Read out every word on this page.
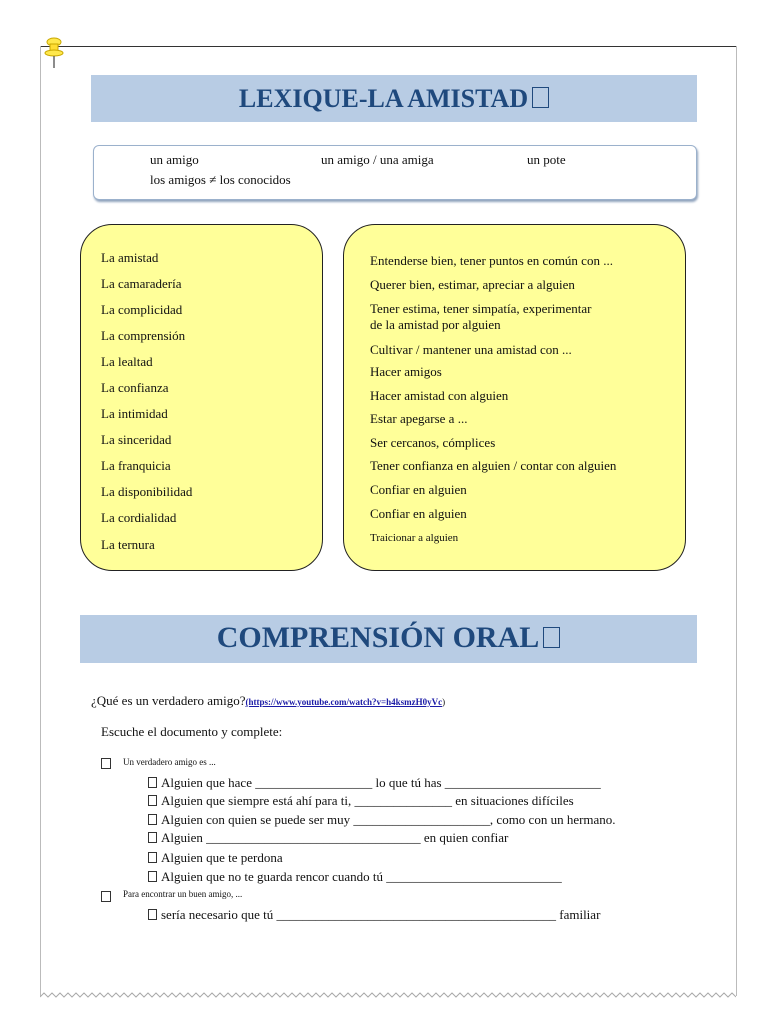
LEXIQUE-LA AMISTAD
un amigo	un amigo / una amiga	un pote
los amigos ≠ los conocidos
La amistad
La camaradería
La complicidad
La comprensión
La lealtad
La confianza
La intimidad
La sinceridad
La franquicia
La disponibilidad
La cordialidad
La ternura
Entenderse bien, tener puntos en común con ...
Querer bien, estimar, apreciar a alguien
Tener estima, tener simpatía, experimentar
de la amistad por alguien
Cultivar / mantener una amistad con ...
Hacer amigos
Hacer amistad con alguien
Estar apegarse a ...
Ser cercanos, cómplices
Tener confianza en alguien / contar con alguien
Confiar en alguien
Confiar en alguien
Traicionar a alguien
COMPRENSIÓN ORAL
¿Qué es un verdadero amigo?(https://www.youtube.com/watch?v=h4ksmzH0yVc)
Escuche el documento y complete:
Un verdadero amigo es ...
Alguien que hace __________________ lo que tú has ________________________
Alguien que siempre está ahí para ti, _______________ en situaciones difíciles
Alguien con quien se puede ser muy _____________________, como con un hermano.
Alguien _________________________________ en quien confiar
Alguien que te perdona
Alguien que no te guarda rencor cuando tú ___________________________
Para encontrar un buen amigo, ...
sería necesario que tú ___________________________________________ familiar
